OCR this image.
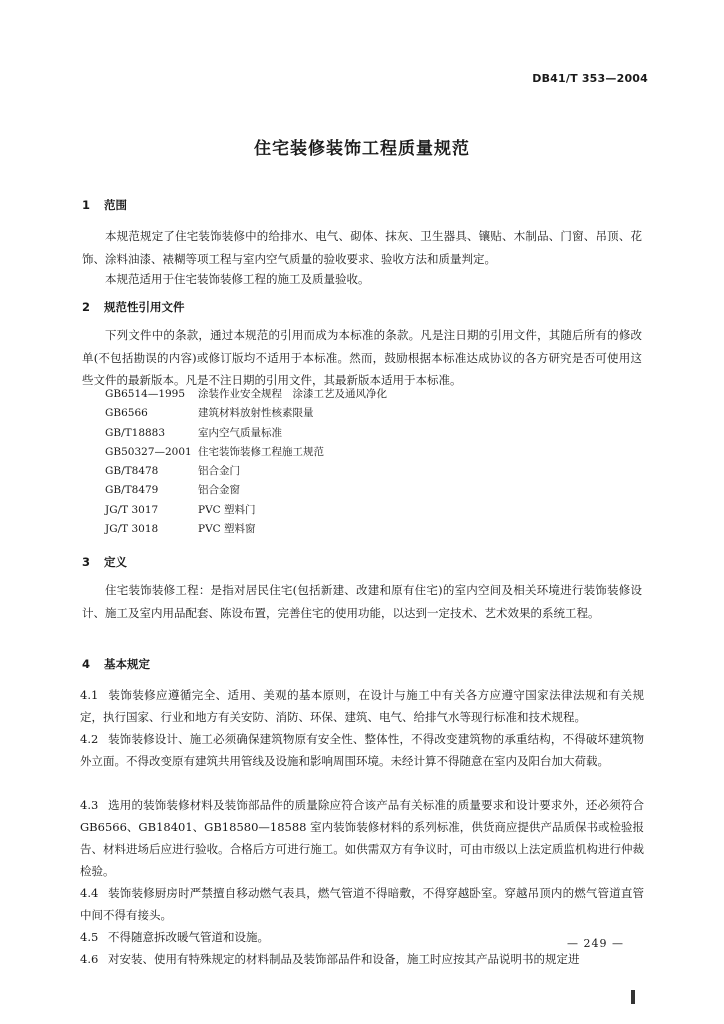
DB41/T 353—2004
住宅装修装饰工程质量规范
1 范围
本规范规定了住宅装饰装修中的给排水、电气、砌体、抹灰、卫生器具、镶贴、木制品、门窗、吊顶、花饰、涂料油漆、裱糊等项工程与室内空气质量的验收要求、验收方法和质量判定。
本规范适用于住宅装饰装修工程的施工及质量验收。
2 规范性引用文件
下列文件中的条款，通过本规范的引用而成为本标准的条款。凡是注日期的引用文件，其随后所有的修改单(不包括勘误的内容)或修订版均不适用于本标准。然而，鼓励根据本标准达成协议的各方研究是否可使用这些文件的最新版本。凡是不注日期的引用文件，其最新版本适用于本标准。
GB6514—1995	涂装作业安全规程　涂漆工艺及通风净化
GB6566	建筑材料放射性核素限量
GB/T18883	室内空气质量标准
GB50327—2001	住宅装饰装修工程施工规范
GB/T8478	铝合金门
GB/T8479	铝合金窗
JG/T 3017	PVC 塑料门
JG/T 3018	PVC 塑料窗
3 定义
住宅装饰装修工程：是指对居民住宅(包括新建、改建和原有住宅)的室内空间及相关环境进行装饰装修设计、施工及室内用品配套、陈设布置，完善住宅的使用功能，以达到一定技术、艺术效果的系统工程。
4 基本规定
4.1 装饰装修应遵循完全、适用、美观的基本原则，在设计与施工中有关各方应遵守国家法律法规和有关规定，执行国家、行业和地方有关安防、消防、环保、建筑、电气、给排气水等现行标准和技术规程。
4.2 装饰装修设计、施工必须确保建筑物原有安全性、整体性，不得改变建筑物的承重结构，不得破坏建筑物外立面。不得改变原有建筑共用管线及设施和影响周围环境。未经计算不得随意在室内及阳台加大荷载。
4.3 选用的装饰装修材料及装饰部品件的质量除应符合该产品有关标准的质量要求和设计要求外，还必须符合 GB6566、GB18401、GB18580—18588 室内装饰装修材料的系列标准，供货商应提供产品质保书或检验报告、材料进场后应进行验收。合格后方可进行施工。如供需双方有争议时，可由市级以上法定质监机构进行仲裁检验。
4.4 装饰装修厨房时严禁擅自移动燃气表具，燃气管道不得暗敷，不得穿越卧室。穿越吊顶内的燃气管道直管中间不得有接头。
4.5 不得随意拆改暖气管道和设施。
4.6 对安装、使用有特殊规定的材料制品及装饰部品件和设备，施工时应按其产品说明书的规定进
— 249 —
